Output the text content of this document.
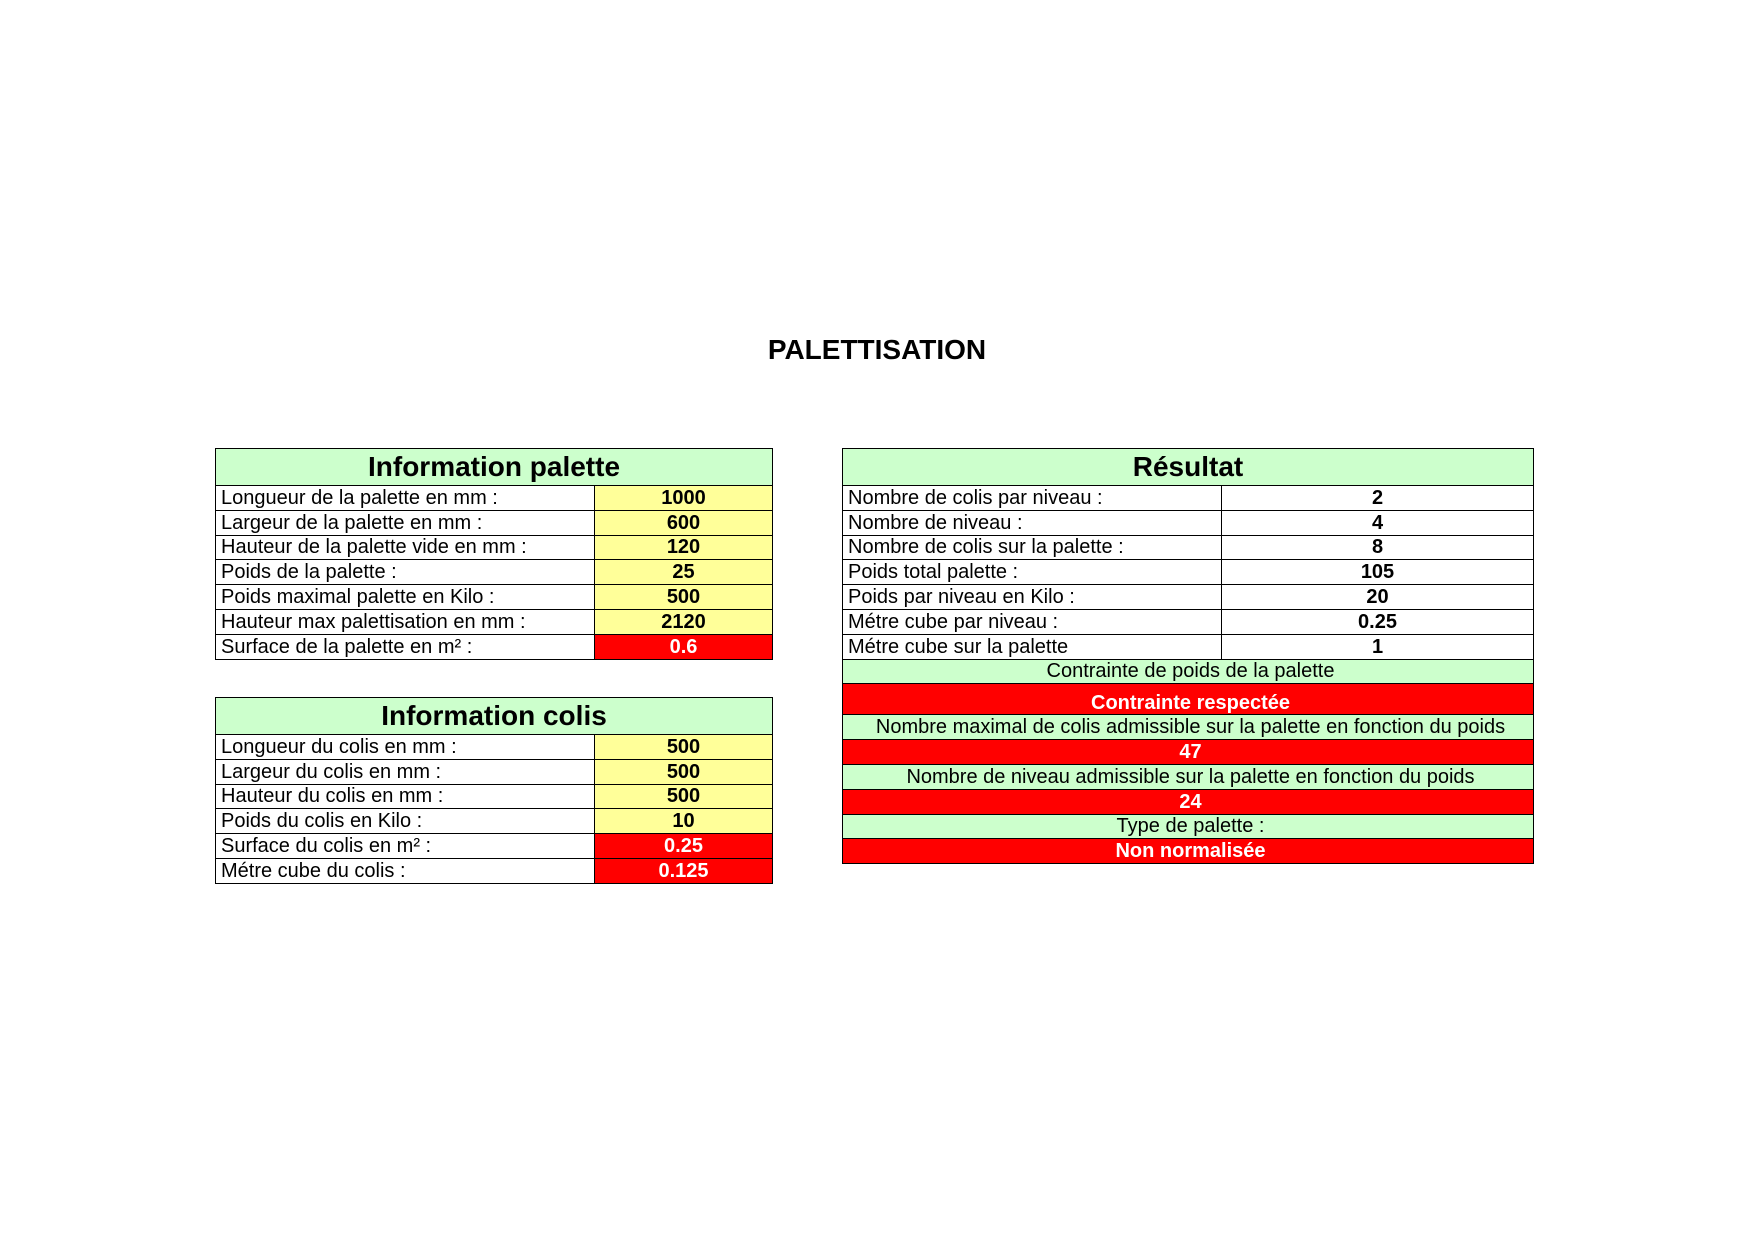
PALETTISATION
Information palette	
Longueur de la palette en mm :	1000
Largeur de la palette en mm :	600
Hauteur de la palette vide en mm :	120
Poids de la palette :	25
Poids maximal palette en Kilo :	500
Hauteur max palettisation en mm :	2120
Surface de la palette en m² :	0.6
Information colis	
Longueur du colis en mm :	500
Largeur du colis en mm :	500
Hauteur du colis en mm :	500
Poids du colis en Kilo :	10
Surface du colis en m² :	0.25
Métre cube du colis :	0.125
Résultat	
Nombre de colis par niveau :	2
Nombre de niveau :	4
Nombre de colis sur la palette :	8
Poids total palette :	105
Poids par niveau en Kilo :	20
Métre cube par niveau :	0.25
Métre cube sur la palette	1
Contrainte de poids de la palette	
Contrainte respectée	
Nombre maximal de colis admissible sur la palette en fonction du poids	
47	
Nombre de niveau admissible sur la palette en fonction du poids	
24	
Type de palette :	
Non normalisée	
